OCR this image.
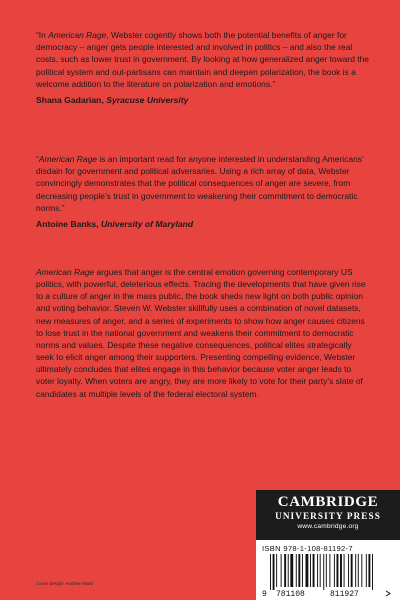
“In American Rage, Webster cogently shows both the potential benefits of anger for democracy – anger gets people interested and involved in politics – and also the real costs, such as lower trust in government. By looking at how generalized anger toward the political system and out-partisans can maintain and deepen polarization, the book is a welcome addition to the literature on polarization and emotions.”

Shana Gadarian, Syracuse University

“American Rage is an important read for anyone interested in understanding Americans’ disdain for government and political adversaries. Using a rich array of data, Webster convincingly demonstrates that the political consequences of anger are severe, from decreasing people’s trust in government to weakening their commitment to democratic norms.”

Antoine Banks, University of Maryland

American Rage argues that anger is the central emotion governing contemporary US politics, with powerful, deleterious effects. Tracing the developments that have given rise to a culture of anger in the mass public, the book sheds new light on both public opinion and voting behavior. Steven W. Webster skillfully uses a combination of novel datasets, new measures of anger, and a series of experiments to show how anger causes citizens to lose trust in the national government and weakens their commitment to democratic norms and values. Despite these negative consequences, political elites strategically seek to elicit anger among their supporters. Presenting compelling evidence, Webster ultimately concludes that elites engage in this behavior because voter anger leads to voter loyalty. When voters are angry, they are more likely to vote for their party’s slate of candidates at multiple levels of the federal electoral system.

CAMBRIDGE
UNIVERSITY PRESS
www.cambridge.org
ISBN 978-1-108-81192-7
9 781108	811927
Cover design: Andrew Ward
